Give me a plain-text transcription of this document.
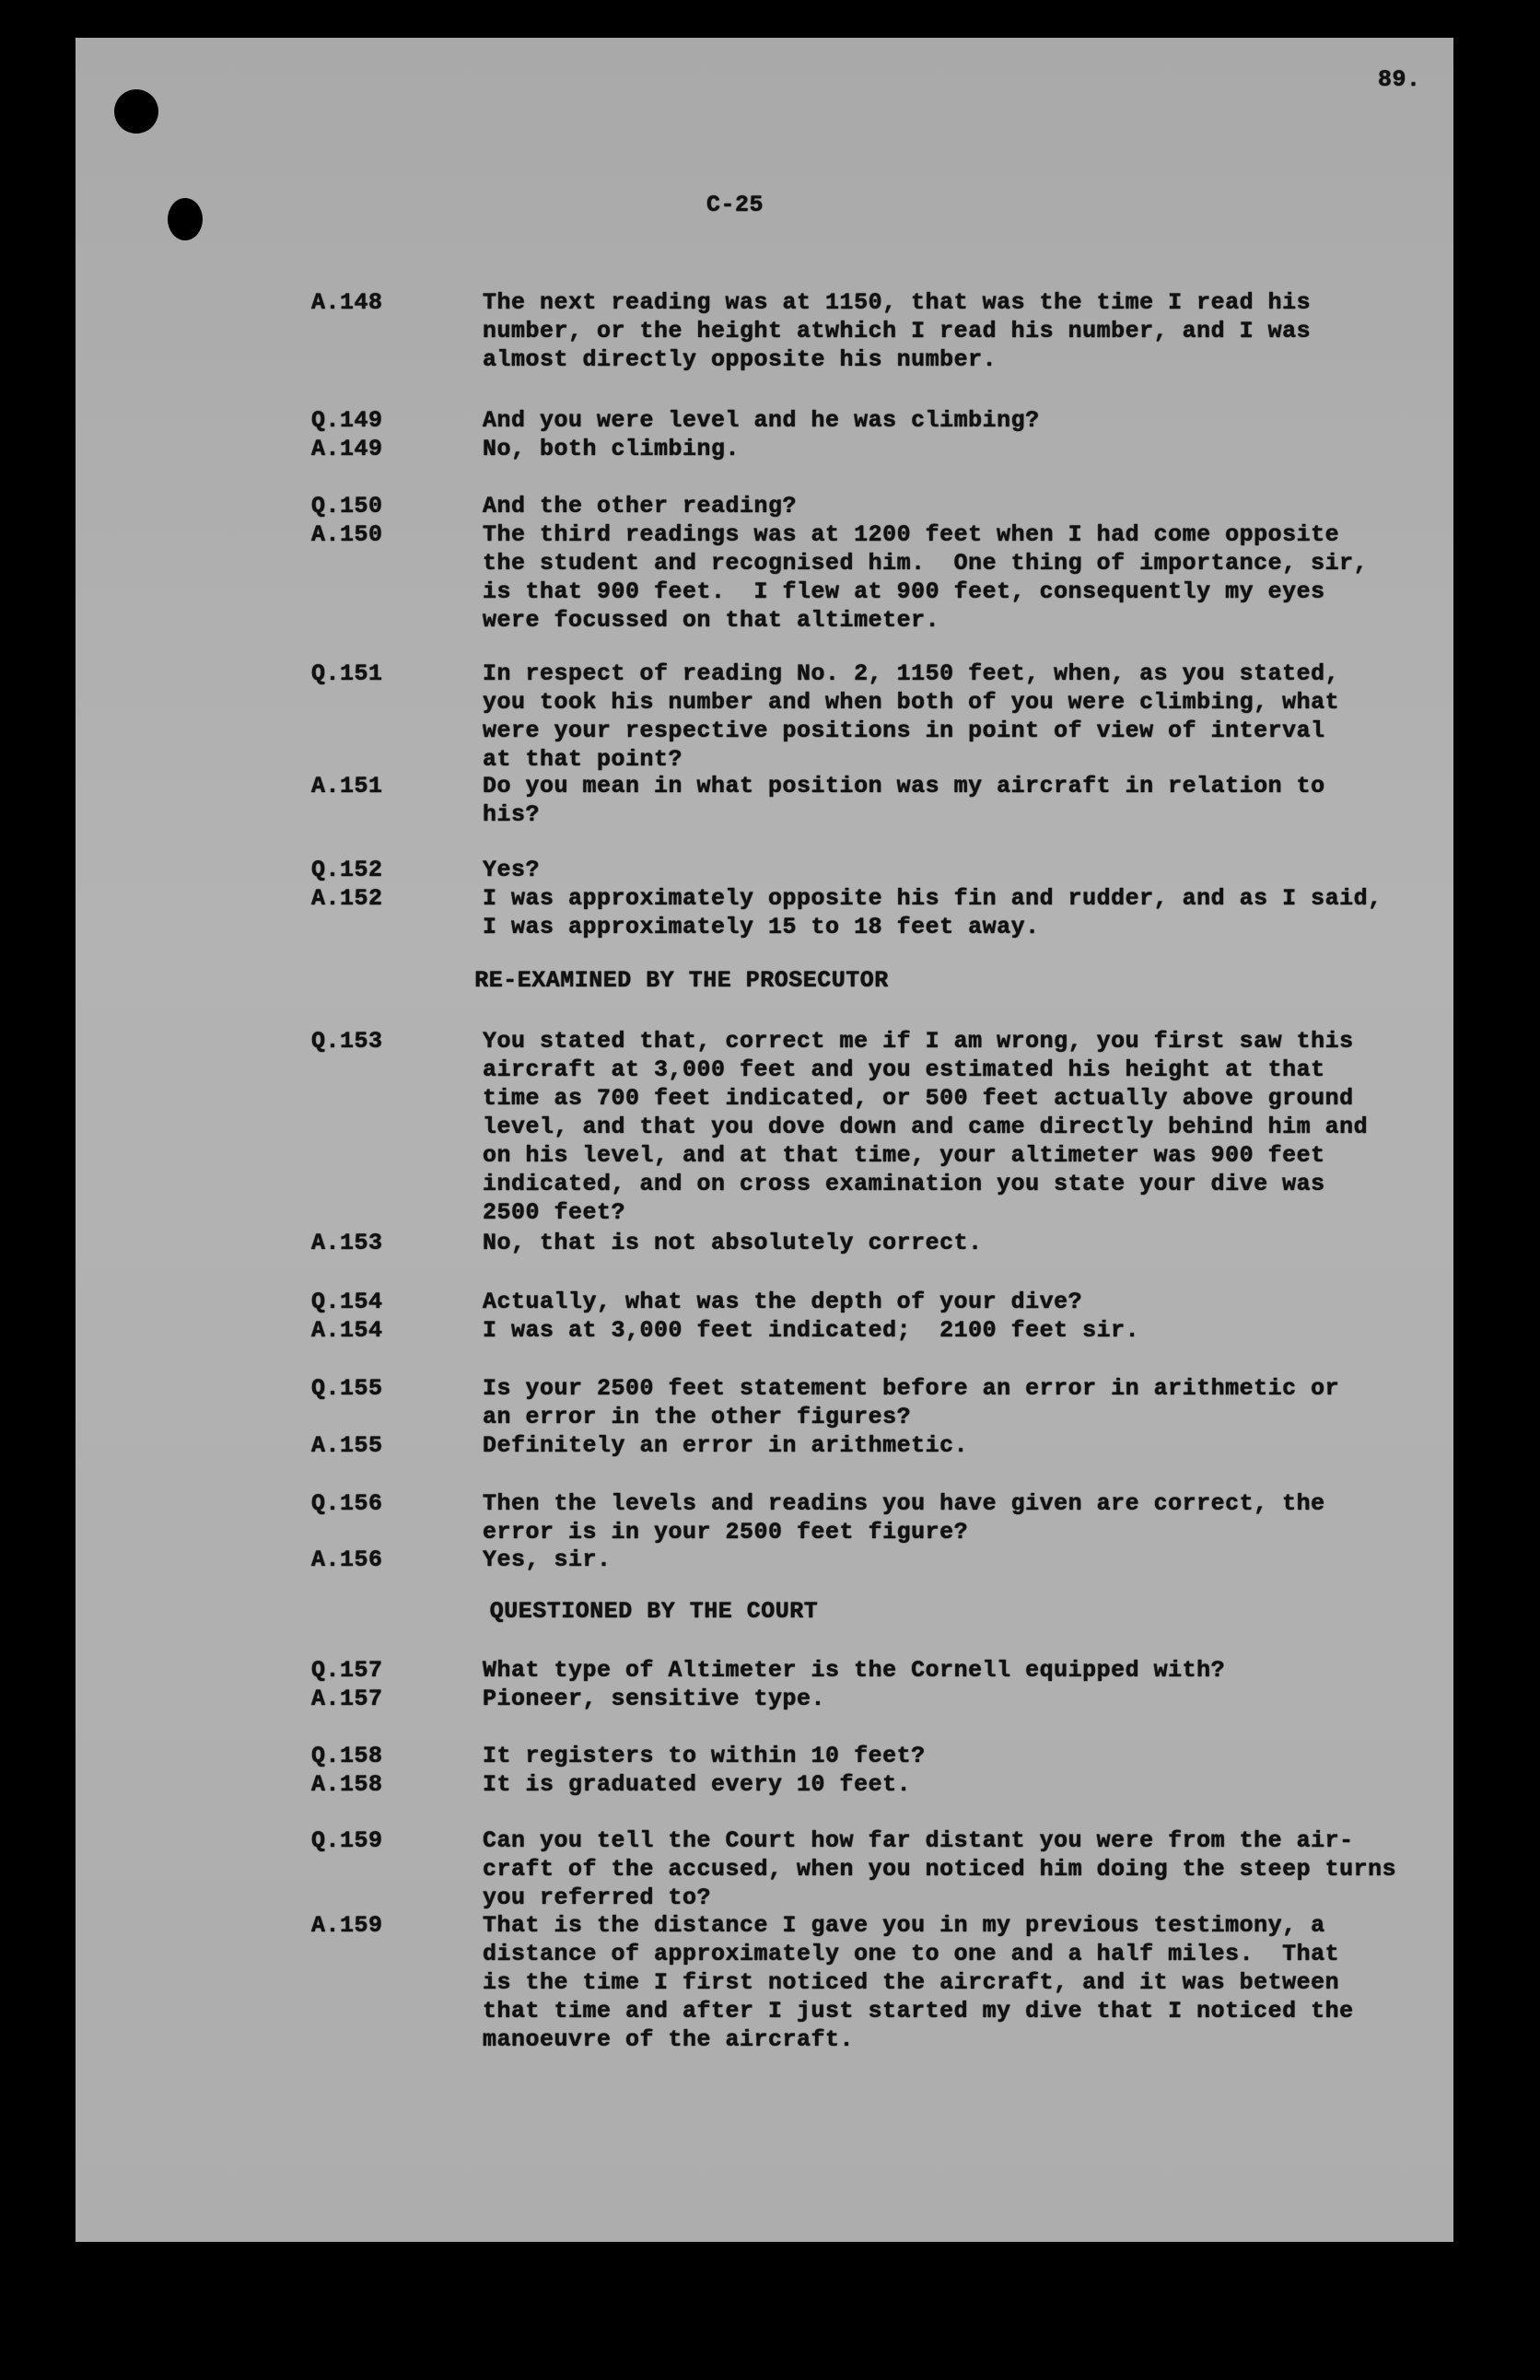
89.
C-25
A.148	The next reading was at 1150, that was the time I read his
number, or the height atwhich I read his number, and I was
almost directly opposite his number.
Q.149	And you were level and he was climbing?
A.149	No, both climbing.
Q.150	And the other reading?
A.150	The third readings was at 1200 feet when I had come opposite
the student and recognised him.  One thing of importance, sir,
is that 900 feet.  I flew at 900 feet, consequently my eyes
were focussed on that altimeter.
Q.151	In respect of reading No. 2, 1150 feet, when, as you stated,
you took his number and when both of you were climbing, what
were your respective positions in point of view of interval
at that point?
A.151	Do you mean in what position was my aircraft in relation to
his?
Q.152	Yes?
A.152	I was approximately opposite his fin and rudder, and as I said,
I was approximately 15 to 18 feet away.
Q.153	You stated that, correct me if I am wrong, you first saw this
aircraft at 3,000 feet and you estimated his height at that
time as 700 feet indicated, or 500 feet actually above ground
level, and that you dove down and came directly behind him and
on his level, and at that time, your altimeter was 900 feet
indicated, and on cross examination you state your dive was
2500 feet?
A.153	No, that is not absolutely correct.
Q.154	Actually, what was the depth of your dive?
A.154	I was at 3,000 feet indicated;  2100 feet sir.
Q.155	Is your 2500 feet statement before an error in arithmetic or
an error in the other figures?
A.155	Definitely an error in arithmetic.
Q.156	Then the levels and readins you have given are correct, the
error is in your 2500 feet figure?
A.156	Yes, sir.
Q.157	What type of Altimeter is the Cornell equipped with?
A.157	Pioneer, sensitive type.
Q.158	It registers to within 10 feet?
A.158	It is graduated every 10 feet.
Q.159	Can you tell the Court how far distant you were from the air-
craft of the accused, when you noticed him doing the steep turns
you referred to?
A.159	That is the distance I gave you in my previous testimony, a
distance of approximately one to one and a half miles.  That
is the time I first noticed the aircraft, and it was between
that time and after I just started my dive that I noticed the
manoeuvre of the aircraft.
RE-EXAMINED BY THE PROSECUTOR
QUESTIONED BY THE COURT
